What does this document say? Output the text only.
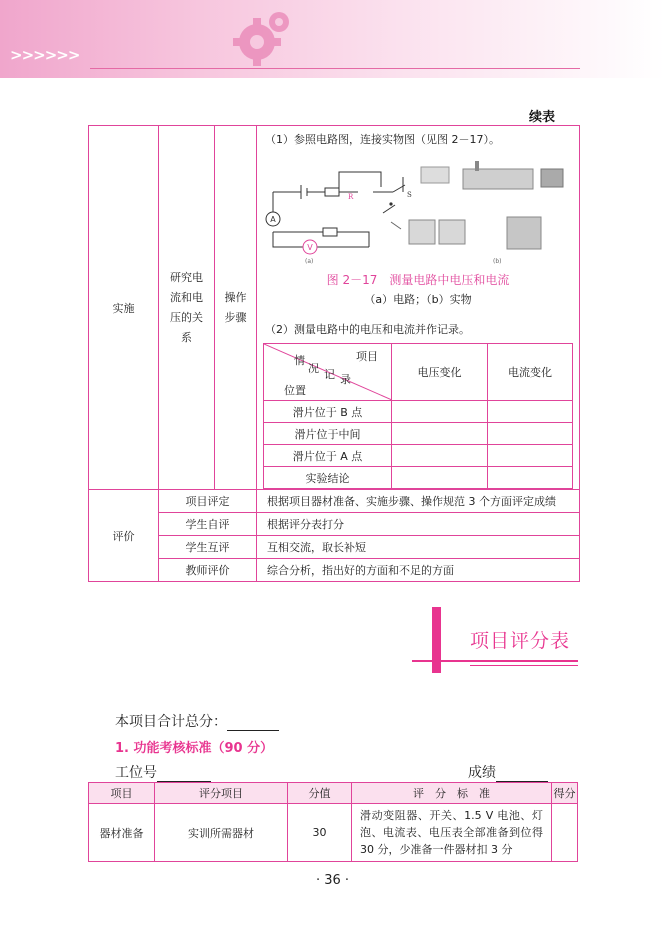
>>>>>>
续表
实施	研究电流和电压的关系	操作步骤	
（1）参照电路图，连接实物图（见图 2－17）。
A
V
R	S
(a)	(b)
图 2－17　测量电路中电压和电流
（a）电路；（b）实物
（2）测量电路中的电压和电流并作记录。
项目
情
况 记 录
位置
	电压变化	电流变化
滑片位于 B 点		
滑片位于中间		
滑片位于 A 点		
实验结论		

评价	项目评定	根据项目器材准备、实施步骤、操作规范 3 个方面评定成绩
学生自评	根据评分表打分
学生互评	互相交流，取长补短
教师评价	综合分析，指出好的方面和不足的方面
项目评分表
本项目合计总分：
1. 功能考核标准（90 分）
工位号	成绩
项目	评分项目	分值	评　分　标　准	得分
器材准备	实训所需器材	30	滑动变阻器、开关、1.5 V 电池、灯泡、电流表、电压表全部准备到位得 30 分，少准备一件器材扣 3 分	
· 36 ·
